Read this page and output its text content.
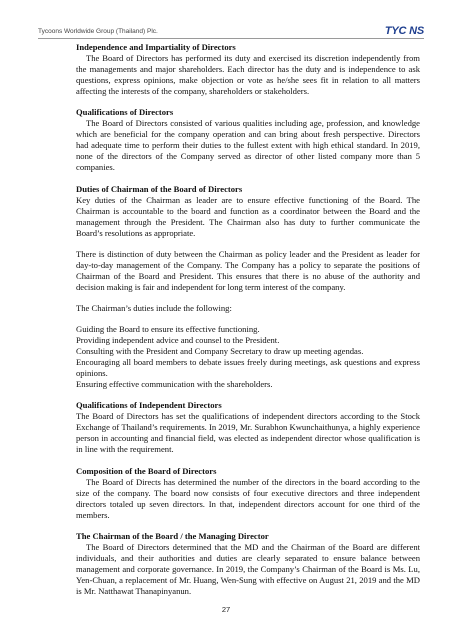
Tycoons Worldwide Group (Thailand) Plc.	TYC NS

Independence and Impartiality of Directors

The Board of Directors has performed its duty and exercised its discretion independently from the managements and major shareholders. Each director has the duty and is independence to ask questions, express opinions, make objection or vote as he/she sees fit in relation to all matters affecting the interests of the company, shareholders or stakeholders.

Qualifications of Directors

The Board of Directors consisted of various qualities including age, profession, and knowledge which are beneficial for the company operation and can bring about fresh perspective. Directors had adequate time to perform their duties to the fullest extent with high ethical standard. In 2019, none of the directors of the Company served as director of other listed company more than 5 companies.

Duties of Chairman of the Board of Directors

Key duties of the Chairman as leader are to ensure effective functioning of the Board. The Chairman is accountable to the board and function as a coordinator between the Board and the management through the President. The Chairman also has duty to further communicate the Board’s resolutions as appropriate.

There is distinction of duty between the Chairman as policy leader and the President as leader for day-to-day management of the Company. The Company has a policy to separate the positions of Chairman of the Board and President. This ensures that there is no abuse of the authority and decision making is fair and independent for long term interest of the company.

The Chairman’s duties include the following:

Guiding the Board to ensure its effective functioning.

Providing independent advice and counsel to the President.

Consulting with the President and Company Secretary to draw up meeting agendas.

Encouraging all board members to debate issues freely during meetings, ask questions and express opinions.

Ensuring effective communication with the shareholders.

Qualifications of Independent Directors

The Board of Directors has set the qualifications of independent directors according to the Stock Exchange of Thailand’s requirements. In 2019, Mr. Surabhon Kwunchaithunya, a highly experience person in accounting and financial field, was elected as independent director whose qualification is in line with the requirement.

Composition of the Board of Directors

The Board of Directs has determined the number of the directors in the board according to the size of the company. The board now consists of four executive directors and three independent directors totaled up seven directors. In that, independent directors account for one third of the members.

The Chairman of the Board / the Managing Director

The Board of Directors determined that the MD and the Chairman of the Board are different individuals, and their authorities and duties are clearly separated to ensure balance between management and corporate governance. In 2019, the Company’s Chairman of the Board is Ms. Lu, Yen-Chuan, a replacement of Mr. Huang, Wen-Sung with effective on August 21, 2019 and the MD is Mr. Natthawat Thanapinyanun.

27
